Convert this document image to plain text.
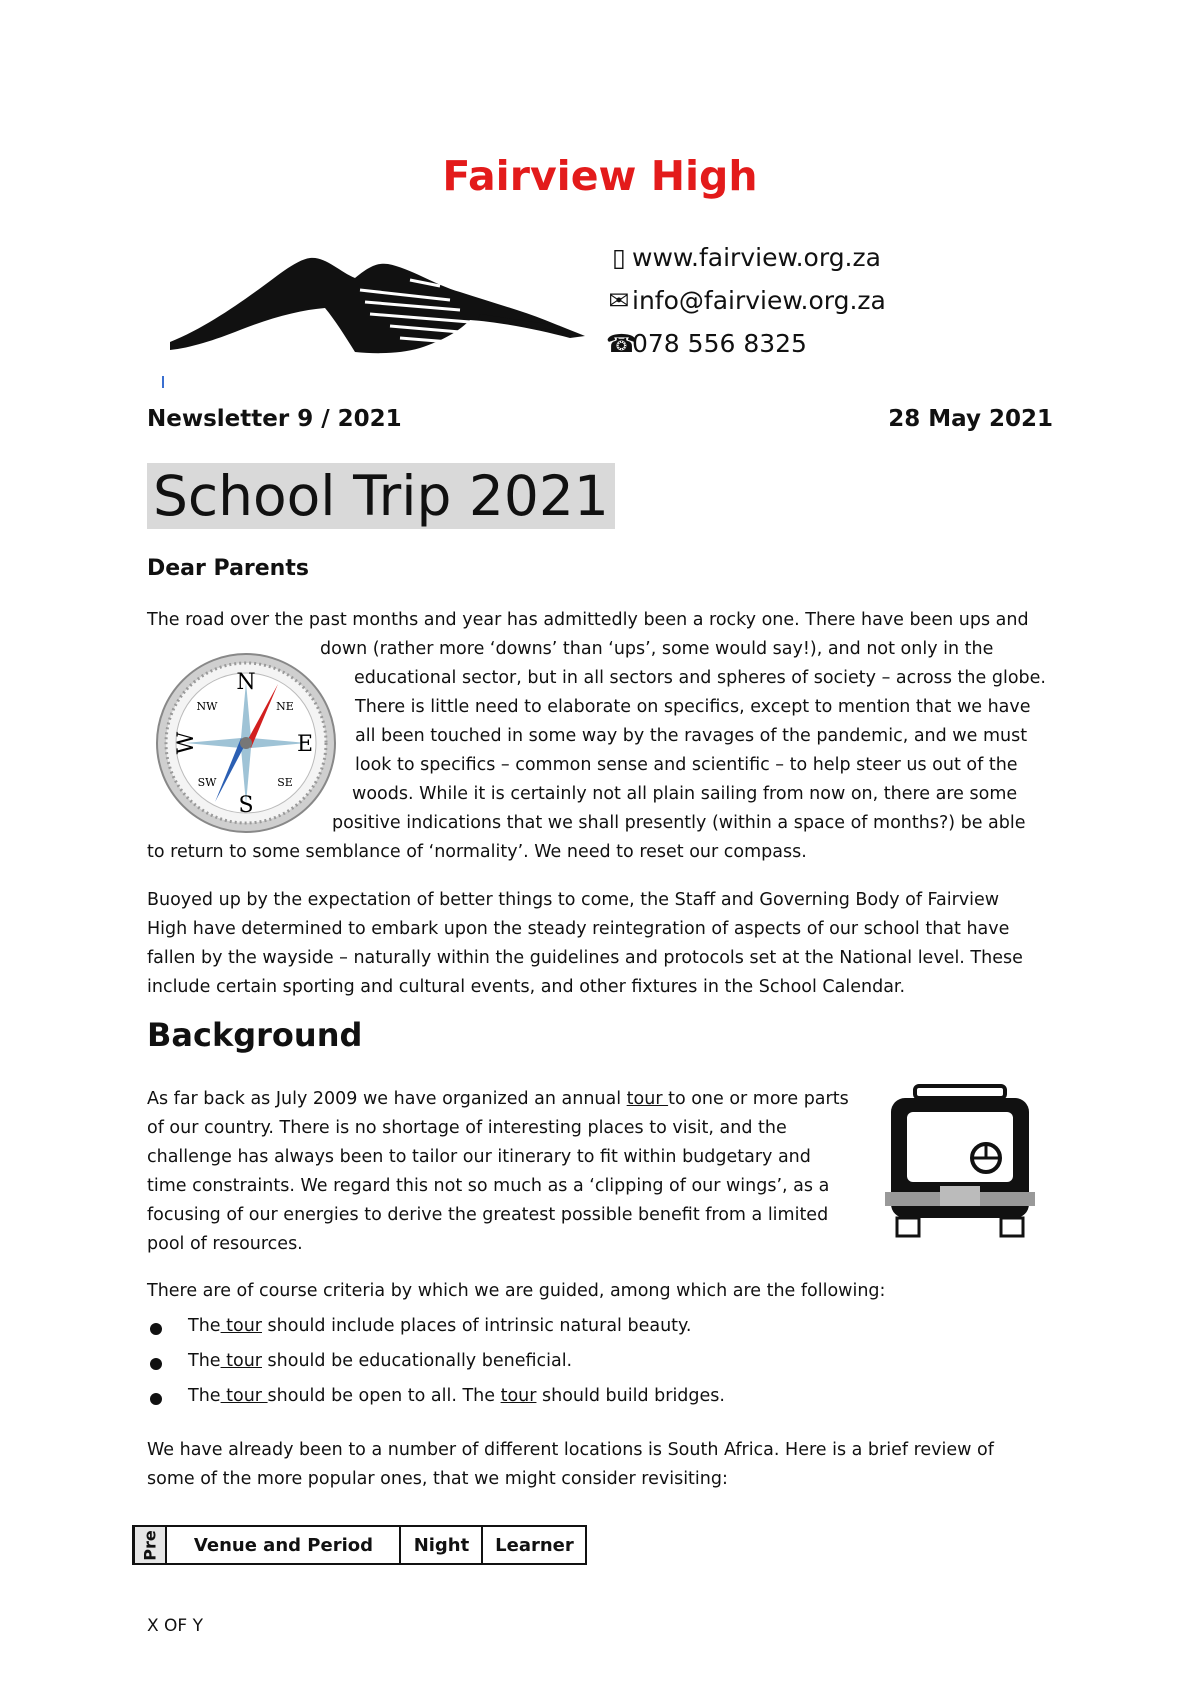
Fairview High
▯ www.fairview.org.za
✉ info@fairview.org.za
☎078 556 8325
Newsletter 9 / 2021	28 May 2021
School Trip 2021
Dear Parents
N
S
E
W
NE
NW
SE
SW
The road over the past months and year has admittedly been a rocky one. There have been ups and
down (rather more ‘downs’ than ‘ups’, some would say!), and not only in the
educational sector, but in all sectors and spheres of society – across the globe.
There is little need to elaborate on specifics, except to mention that we have
all been touched in some way by the ravages of the pandemic, and we must
look to specifics – common sense and scientific – to help steer us out of the
woods. While it is certainly not all plain sailing from now on, there are some
positive indications that we shall presently (within a space of months?) be able
to return to some semblance of ‘normality’. We need to reset our compass.
Buoyed up by the expectation of better things to come, the Staff and Governing Body of Fairview
High have determined to embark upon the steady reintegration of aspects of our school that have
fallen by the wayside – naturally within the guidelines and protocols set at the National level. These
include certain sporting and cultural events, and other fixtures in the School Calendar.
Background
As far back as July 2009 we have organized an annual tour to one or more parts
of our country. There is no shortage of interesting places to visit, and the
challenge has always been to tailor our itinerary to fit within budgetary and
time constraints. We regard this not so much as a ‘clipping of our wings’, as a
focusing of our energies to derive the greatest possible benefit from a limited
pool of resources.
There are of course criteria by which we are guided, among which are the following:
The tour should include places of intrinsic natural beauty.
The tour should be educationally beneficial.
The tour should be open to all. The tour should build bridges.
We have already been to a number of different locations is South Africa. Here is a brief review of
some of the more popular ones, that we might consider revisiting:
Pre	Venue and Period	Night	Learner
X OF Y
